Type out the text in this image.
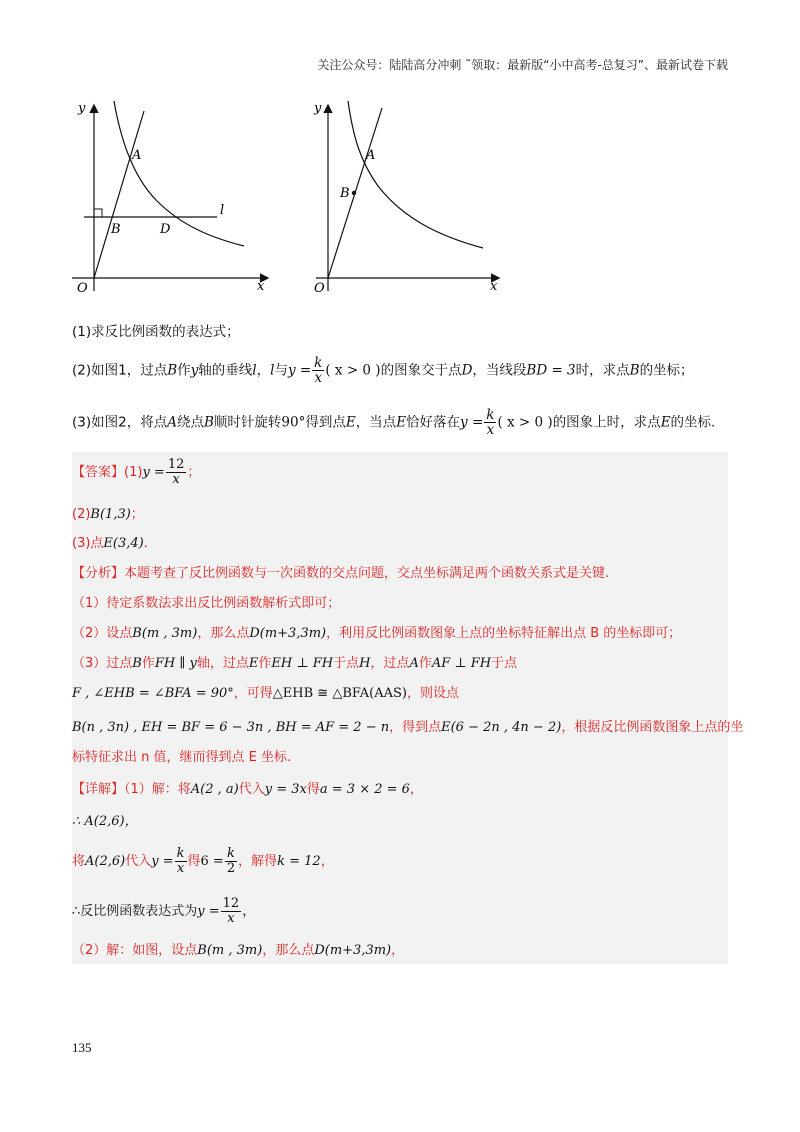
关注公众号：陆陆高分冲刺 ˜领取：最新版“小中高考-总复习”、最新试卷下载
y
x
O
A
B	D
l
y
x
O
A
B
(1)求反比例函数的表达式；
(2)如图1，过点B作y轴的垂线l，l与$y = \frac{k}{x}$ ( x > 0 )的图象交于点D，当线段BD = 3时，求点B的坐标；
(3)如图2，将点A绕点B顺时针旋转90°得到点E，当点E恰好落在$y = \frac{k}{x}$ ( x > 0 )的图象上时，求点E的坐标.
【答案】$(1)y = \frac{12}{x}$ ；
(2)B(1,3)；
(3)点E(3,4).
【分析】本题考查了反比例函数与一次函数的交点问题，交点坐标满足两个函数关系式是关键.
（1）待定系数法求出反比例函数解析式即可；
（2）设点B(m , 3m)，那么点D(m+3,3m)，利用反比例函数图象上点的坐标特征解出点 B 的坐标即可；
（3）过点B作FH ∥ y轴，过点E作EH ⊥ FH于点H，过点A作AF ⊥ FH于点
F , ∠EHB = ∠BFA = 90°，可得△EHB ≅ △BFA(AAS)，则设点
B(n , 3n) , EH = BF = 6 − 3n , BH = AF = 2 − n，得到点E(6 − 2n , 4n − 2)，根据反比例函数图象上点的坐
标特征求出 n 值，继而得到点 E 坐标.
【详解】（1）解：将A(2 , a)代入y = 3x得a = 3 × 2 = 6，
∴ A(2,6)，
将A(2,6)代入$y = \frac{k}{x}$ 得$6 = \frac{k}{2}$ ，解得k = 12，
∴反比例函数表达式为$y = \frac{12}{x}$ ，
（2）解：如图，设点B(m , 3m)，那么点D(m+3,3m)，
135
